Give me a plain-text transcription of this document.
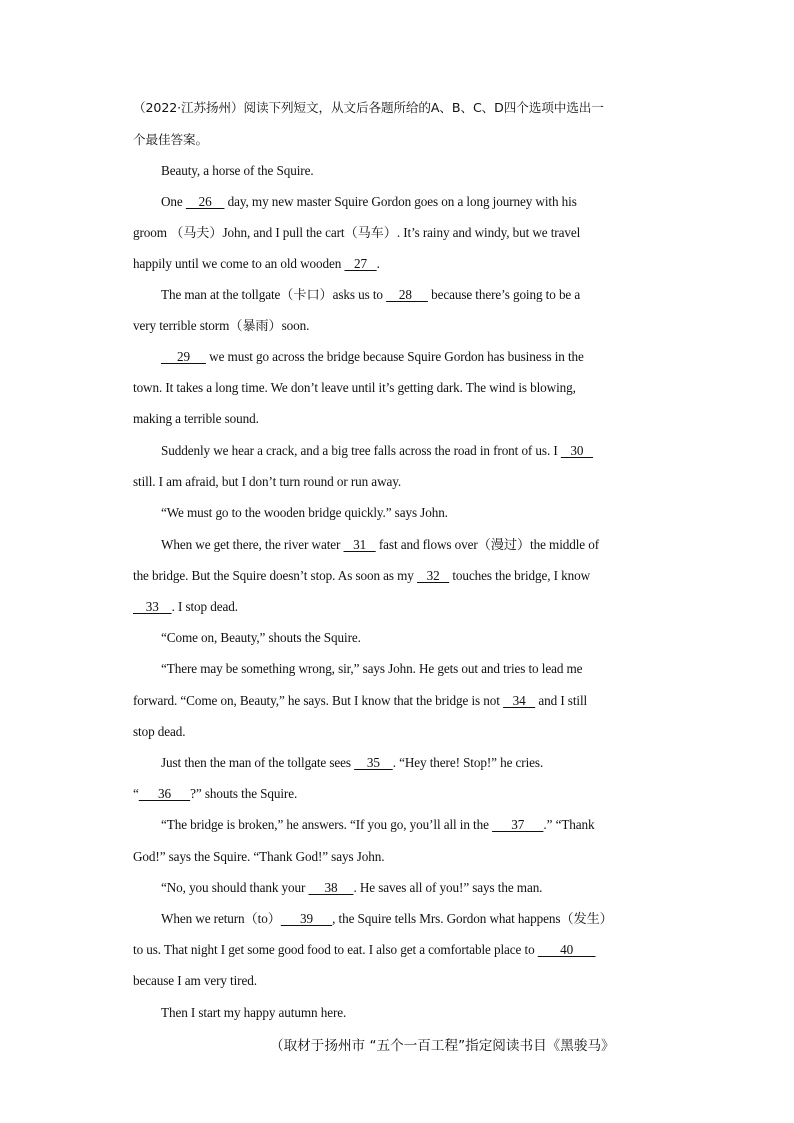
（2022·江苏扬州）阅读下列短文，从文后各题所给的A、B、C、D四个选项中选出一
个最佳答案。
Beauty, a horse of the Squire.
One     26     day, my new master Squire Gordon goes on a long journey with his
groom （马夫）John, and I pull the cart（马车）. It’s rainy and windy, but we travel
happily until we come to an old wooden    27   .
The man at the tollgate（卡口）asks us to     28      because there’s going to be a
very terrible storm（暴雨）soon.
29      we must go across the bridge because Squire Gordon has business in the
town. It takes a long time. We don’t leave until it’s getting dark. The wind is blowing,
making a terrible sound.
Suddenly we hear a crack, and a big tree falls across the road in front of us. I    30
still. I am afraid, but I don’t turn round or run away.
“We must go to the wooden bridge quickly.” says John.
When we get there, the river water    31    fast and flows over（漫过）the middle of
the bridge. But the Squire doesn’t stop. As soon as my    32    touches the bridge, I know
33    . I stop dead.
“Come on, Beauty,” shouts the Squire.
“There may be something wrong, sir,” says John. He gets out and tries to lead me
forward. “Come on, Beauty,” he says. But I know that the bridge is not    34    and I still
stop dead.
Just then the man of the tollgate sees     35    . “Hey there! Stop!” he cries.
“      36      ?” shouts the Squire.
“The bridge is broken,” he answers. “If you go, you’ll all in the       37      .” “Thank
God!” says the Squire. “Thank God!” says John.
“No, you should thank your      38     . He saves all of you!” says the man.
When we return（to）      39      , the Squire tells Mrs. Gordon what happens（发生）
to us. That night I get some good food to eat. I also get a comfortable place to        40
because I am very tired.
Then I start my happy autumn here.
（取材于扬州市 “五个一百工程”指定阅读书目《黑骏马》
